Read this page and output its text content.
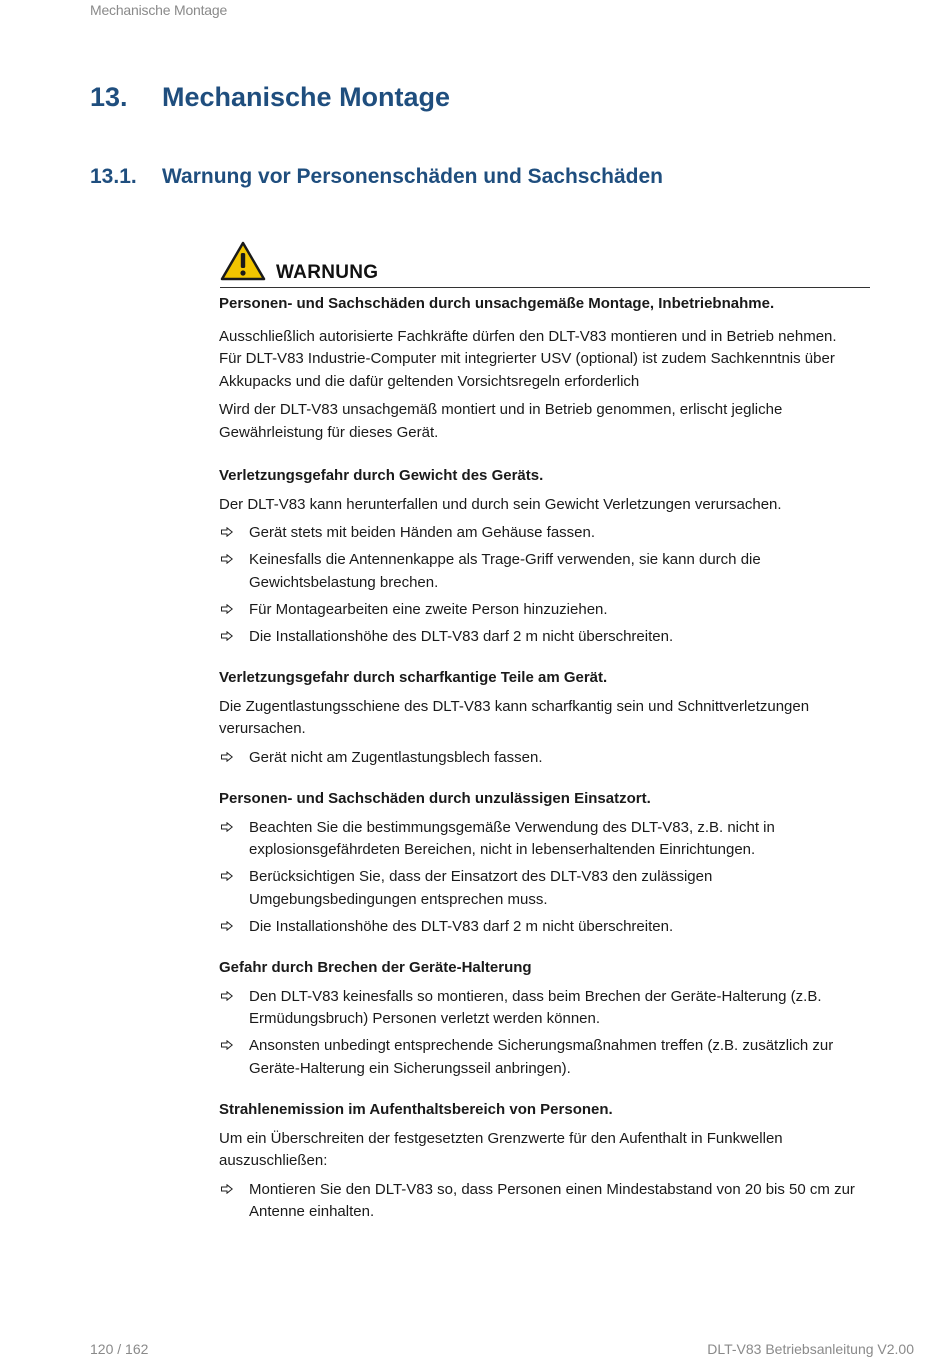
Mechanische Montage
13. Mechanische Montage
13.1. Warnung vor Personenschäden und Sachschäden
WARNUNG

Personen- und Sachschäden durch unsachgemäße Montage, Inbetriebnahme.

Ausschließlich autorisierte Fachkräfte dürfen den DLT-V83 montieren und in Betrieb nehmen. Für DLT-V83 Industrie-Computer mit integrierter USV (optional) ist zudem Sachkenntnis über Akkupacks und die dafür geltenden Vorsichtsregeln erforderlich

Wird der DLT-V83 unsachgemäß montiert und in Betrieb genommen, erlischt jegliche Gewährleistung für dieses Gerät.

Verletzungsgefahr durch Gewicht des Geräts.

Der DLT-V83 kann herunterfallen und durch sein Gewicht Verletzungen verursachen.

Gerät stets mit beiden Händen am Gehäuse fassen.
Keinesfalls die Antennenkappe als Trage-Griff verwenden, sie kann durch die Gewichtsbelastung brechen.
Für Montagearbeiten eine zweite Person hinzuziehen.
Die Installationshöhe des DLT-V83 darf 2 m nicht überschreiten.

Verletzungsgefahr durch scharfkantige Teile am Gerät.

Die Zugentlastungsschiene des DLT-V83 kann scharfkantig sein und Schnittverletzungen verursachen.

Gerät nicht am Zugentlastungsblech fassen.

Personen- und Sachschäden durch unzulässigen Einsatzort.

Beachten Sie die bestimmungsgemäße Verwendung des DLT-V83, z.B. nicht in explosionsgefährdeten Bereichen, nicht in lebenserhaltenden Einrichtungen.
Berücksichtigen Sie, dass der Einsatzort des DLT-V83 den zulässigen Umgebungsbedingungen entsprechen muss.
Die Installationshöhe des DLT-V83 darf 2 m nicht überschreiten.

Gefahr durch Brechen der Geräte-Halterung

Den DLT-V83 keinesfalls so montieren, dass beim Brechen der Geräte-Halterung (z.B. Ermüdungsbruch) Personen verletzt werden können.
Ansonsten unbedingt entsprechende Sicherungsmaßnahmen treffen (z.B. zusätzlich zur Geräte-Halterung ein Sicherungsseil anbringen).

Strahlenemission im Aufenthaltsbereich von Personen.

Um ein Überschreiten der festgesetzten Grenzwerte für den Aufenthalt in Funkwellen auszuschließen:

Montieren Sie den DLT-V83 so, dass Personen einen Mindestabstand von 20 bis 50 cm zur Antenne einhalten.
120 / 162	DLT-V83 Betriebsanleitung V2.00
